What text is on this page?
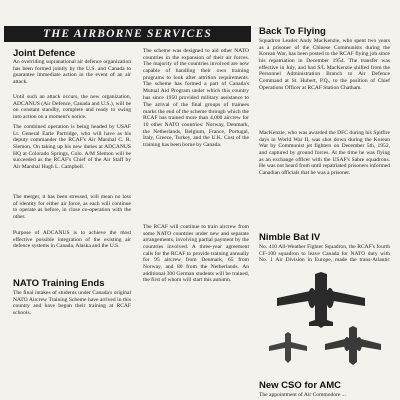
THE AIRBORNE SERVICES
Joint Defence

An overriding supranational air defence organization has been formed jointly by the U.S. and Canada to guarantee immediate action in the event of an air attack.

Until such an attack occurs, the new organization, ADCANUS (Air Defence, Canada and U.S.), will be on constant standby, complete and ready to swing into action on a moment's notice.

The combined operation is being headed by USAF Lt. General Earle Partridge, who will have as his deputy commander the RCAF's Air Marshal C. R. Slemon. On taking up his new duties at ADCANUS HQ at Colorado Springs, Colo. A/M Slemon will be succeeded as the RCAF's Chief of the Air Staff by Air Marshal Hugh L. Campbell.

The merger, it has been stressed, will mean no loss of identity for either air force, as each will continue to operate as before, in close co-operation with the other.

Purpose of ADCANUS is to achieve the most effective possible integration of the existing air defence systems in Canada, Alaska and the U.S.

NATO Training Ends

The final intakes of students under Canada's original NATO Aircrew Training Scheme have arrived in this country and have begun their training at RCAF schools.

The scheme was designed to aid other NATO countries in the expansion of their air forces. The majority of the countries involved are now capable of handling their own training programs to look after attrition requirements. The scheme has formed a part of Canada's Mutual Aid Program under which this country has since 1950 provided military assistance to

The arrival of the final groups of trainees marks the end of the scheme through which the RCAF has trained more than 4,000 aircrew for 10 other NATO countries: Norway, Denmark, the Netherlands, Belgium, France, Portugal, Italy, Greece, Turkey, and the U.K. Cost of the training has been borne by Canada.

The RCAF will continue to train aircrew from some NATO countries under new and separate arrangements, involving partial payment by the countries involved. A three-year agreement calls for the RCAF to provide training annually for 95 aircrew from Denmark, 65 from Norway, and 80 from the Netherlands. An additional 300 German students will be trained, the first of whom will start this autumn.

Back To Flying

Squadron Leader Andy MacKenzie, who spent two years as a prisoner of the Chinese Communists during the Korean War, has been posted to the RCAF flying job since his repatriation in December 1954. The transfer was effective in July, and had S/L MacKenzie shifted from the Personnel Administration Branch to Air Defence Command at St. Hubert, P.Q., to the position of Chief Operations Officer at RCAF Station Chatham.

MacKenzie, who was awarded the DFC during his Spitfire days in World War II, was shot down during the Korean War by Communist jet fighters on December 5th, 1952, and captured by ground forces. At the time he was flying as an exchange officer with the USAF's Sabre squadrons. He was not heard from until repatriated prisoners informed Canadian officials that he was a prisoner.

Nimble Bat IV

No. 410 All-Weather Fighter Squadron, the RCAF's fourth CF-100 squadron to leave Canada for NATO duty with No. 1 Air Division in Europe, made the trans-Atlantic

New CSO for AMC

The appointment of Air Commodore ...
